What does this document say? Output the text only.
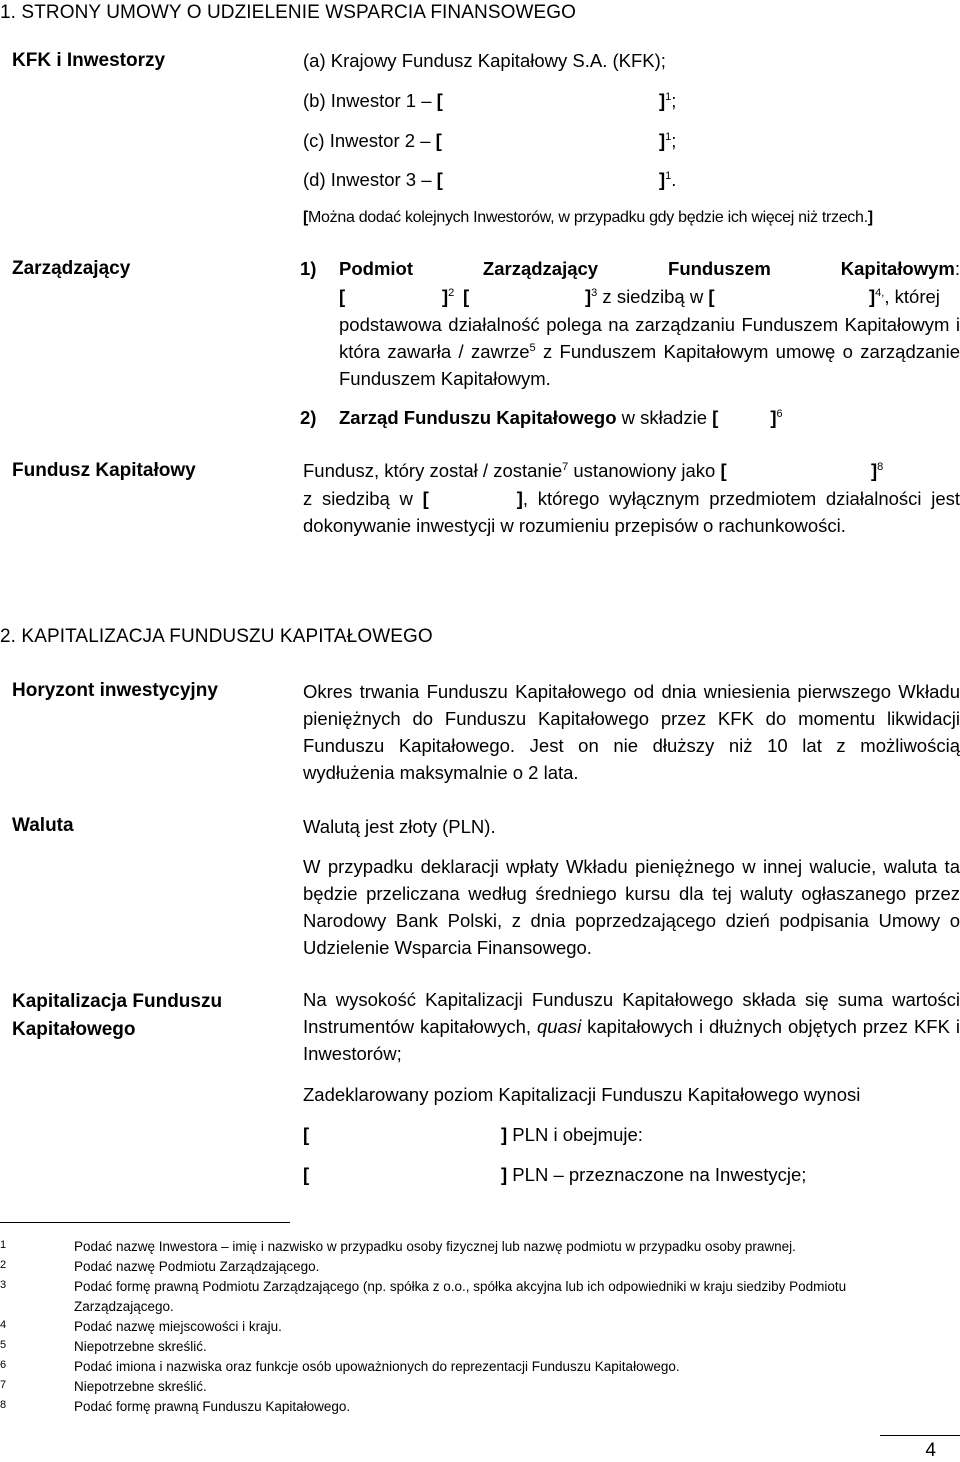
1. STRONY UMOWY O UDZIELENIE WSPARCIA FINANSOWEGO
KFK i Inwestorzy	(a) Krajowy Fundusz Kapitałowy S.A. (KFK);
(b) Inwestor 1 – [	]$^1$;
(c) Inwestor 2 – [	]$^1$;
(d) Inwestor 3 – [	]$^1$.
[Można dodać kolejnych Inwestorów, w przypadku gdy będzie ich więcej niż trzech.]
Zarządzający	1)	Podmiot Zarządzający Funduszem Kapitałowym:
[	]$^2$ [	]$^3$ z siedzibą w [	]$^{4,}$, której
podstawowa działalność polega na zarządzaniu Funduszem Kapitałowym i która zawarła / zawrze$^5$ z Funduszem Kapitałowym umowę o zarządzanie Funduszem Kapitałowym.
2) Zarząd Funduszu Kapitałowego w składzie [	]$^6$
Fundusz Kapitałowy	Fundusz, który został / zostanie$^7$ ustanowiony jako [	]$^8$
z siedzibą w [	], którego wyłącznym przedmiotem działalności jest dokonywanie inwestycji w rozumieniu przepisów o rachunkowości.
2. KAPITALIZACJA FUNDUSZU KAPITAŁOWEGO
Horyzont inwestycyjny	Okres trwania Funduszu Kapitałowego od dnia wniesienia pierwszego Wkładu pieniężnych do Funduszu Kapitałowego przez KFK do momentu likwidacji Funduszu Kapitałowego. Jest on nie dłuższy niż 10 lat z możliwością wydłużenia maksymalnie o 2 lata.
Waluta	Walutą jest złoty (PLN).
W przypadku deklaracji wpłaty Wkładu pieniężnego w innej walucie, waluta ta będzie przeliczana według średniego kursu dla tej waluty ogłaszanego przez Narodowy Bank Polski, z dnia poprzedzającego dzień podpisania Umowy o Udzielenie Wsparcia Finansowego.
Kapitalizacja Funduszu
Kapitałowego
Na wysokość Kapitalizacji Funduszu Kapitałowego składa się suma wartości Instrumentów kapitałowych, quasi kapitałowych i dłużnych objętych przez KFK i Inwestorów;
Zadeklarowany poziom Kapitalizacji Funduszu Kapitałowego wynosi
[	] PLN i obejmuje:
[	] PLN – przeznaczone na Inwestycje;
1	Podać nazwę Inwestora – imię i nazwisko w przypadku osoby fizycznej lub nazwę podmiotu w przypadku osoby prawnej.
2	Podać nazwę Podmiotu Zarządzającego.
3	Podać formę prawną Podmiotu Zarządzającego (np. spółka z o.o., spółka akcyjna lub ich odpowiedniki w kraju siedziby Podmiotu Zarządzającego.
4	Podać nazwę miejscowości i kraju.
5	Niepotrzebne skreślić.
6	Podać imiona i nazwiska oraz funkcje osób upoważnionych do reprezentacji Funduszu Kapitałowego.
7	Niepotrzebne skreślić.
8	Podać formę prawną Funduszu Kapitałowego.
4
